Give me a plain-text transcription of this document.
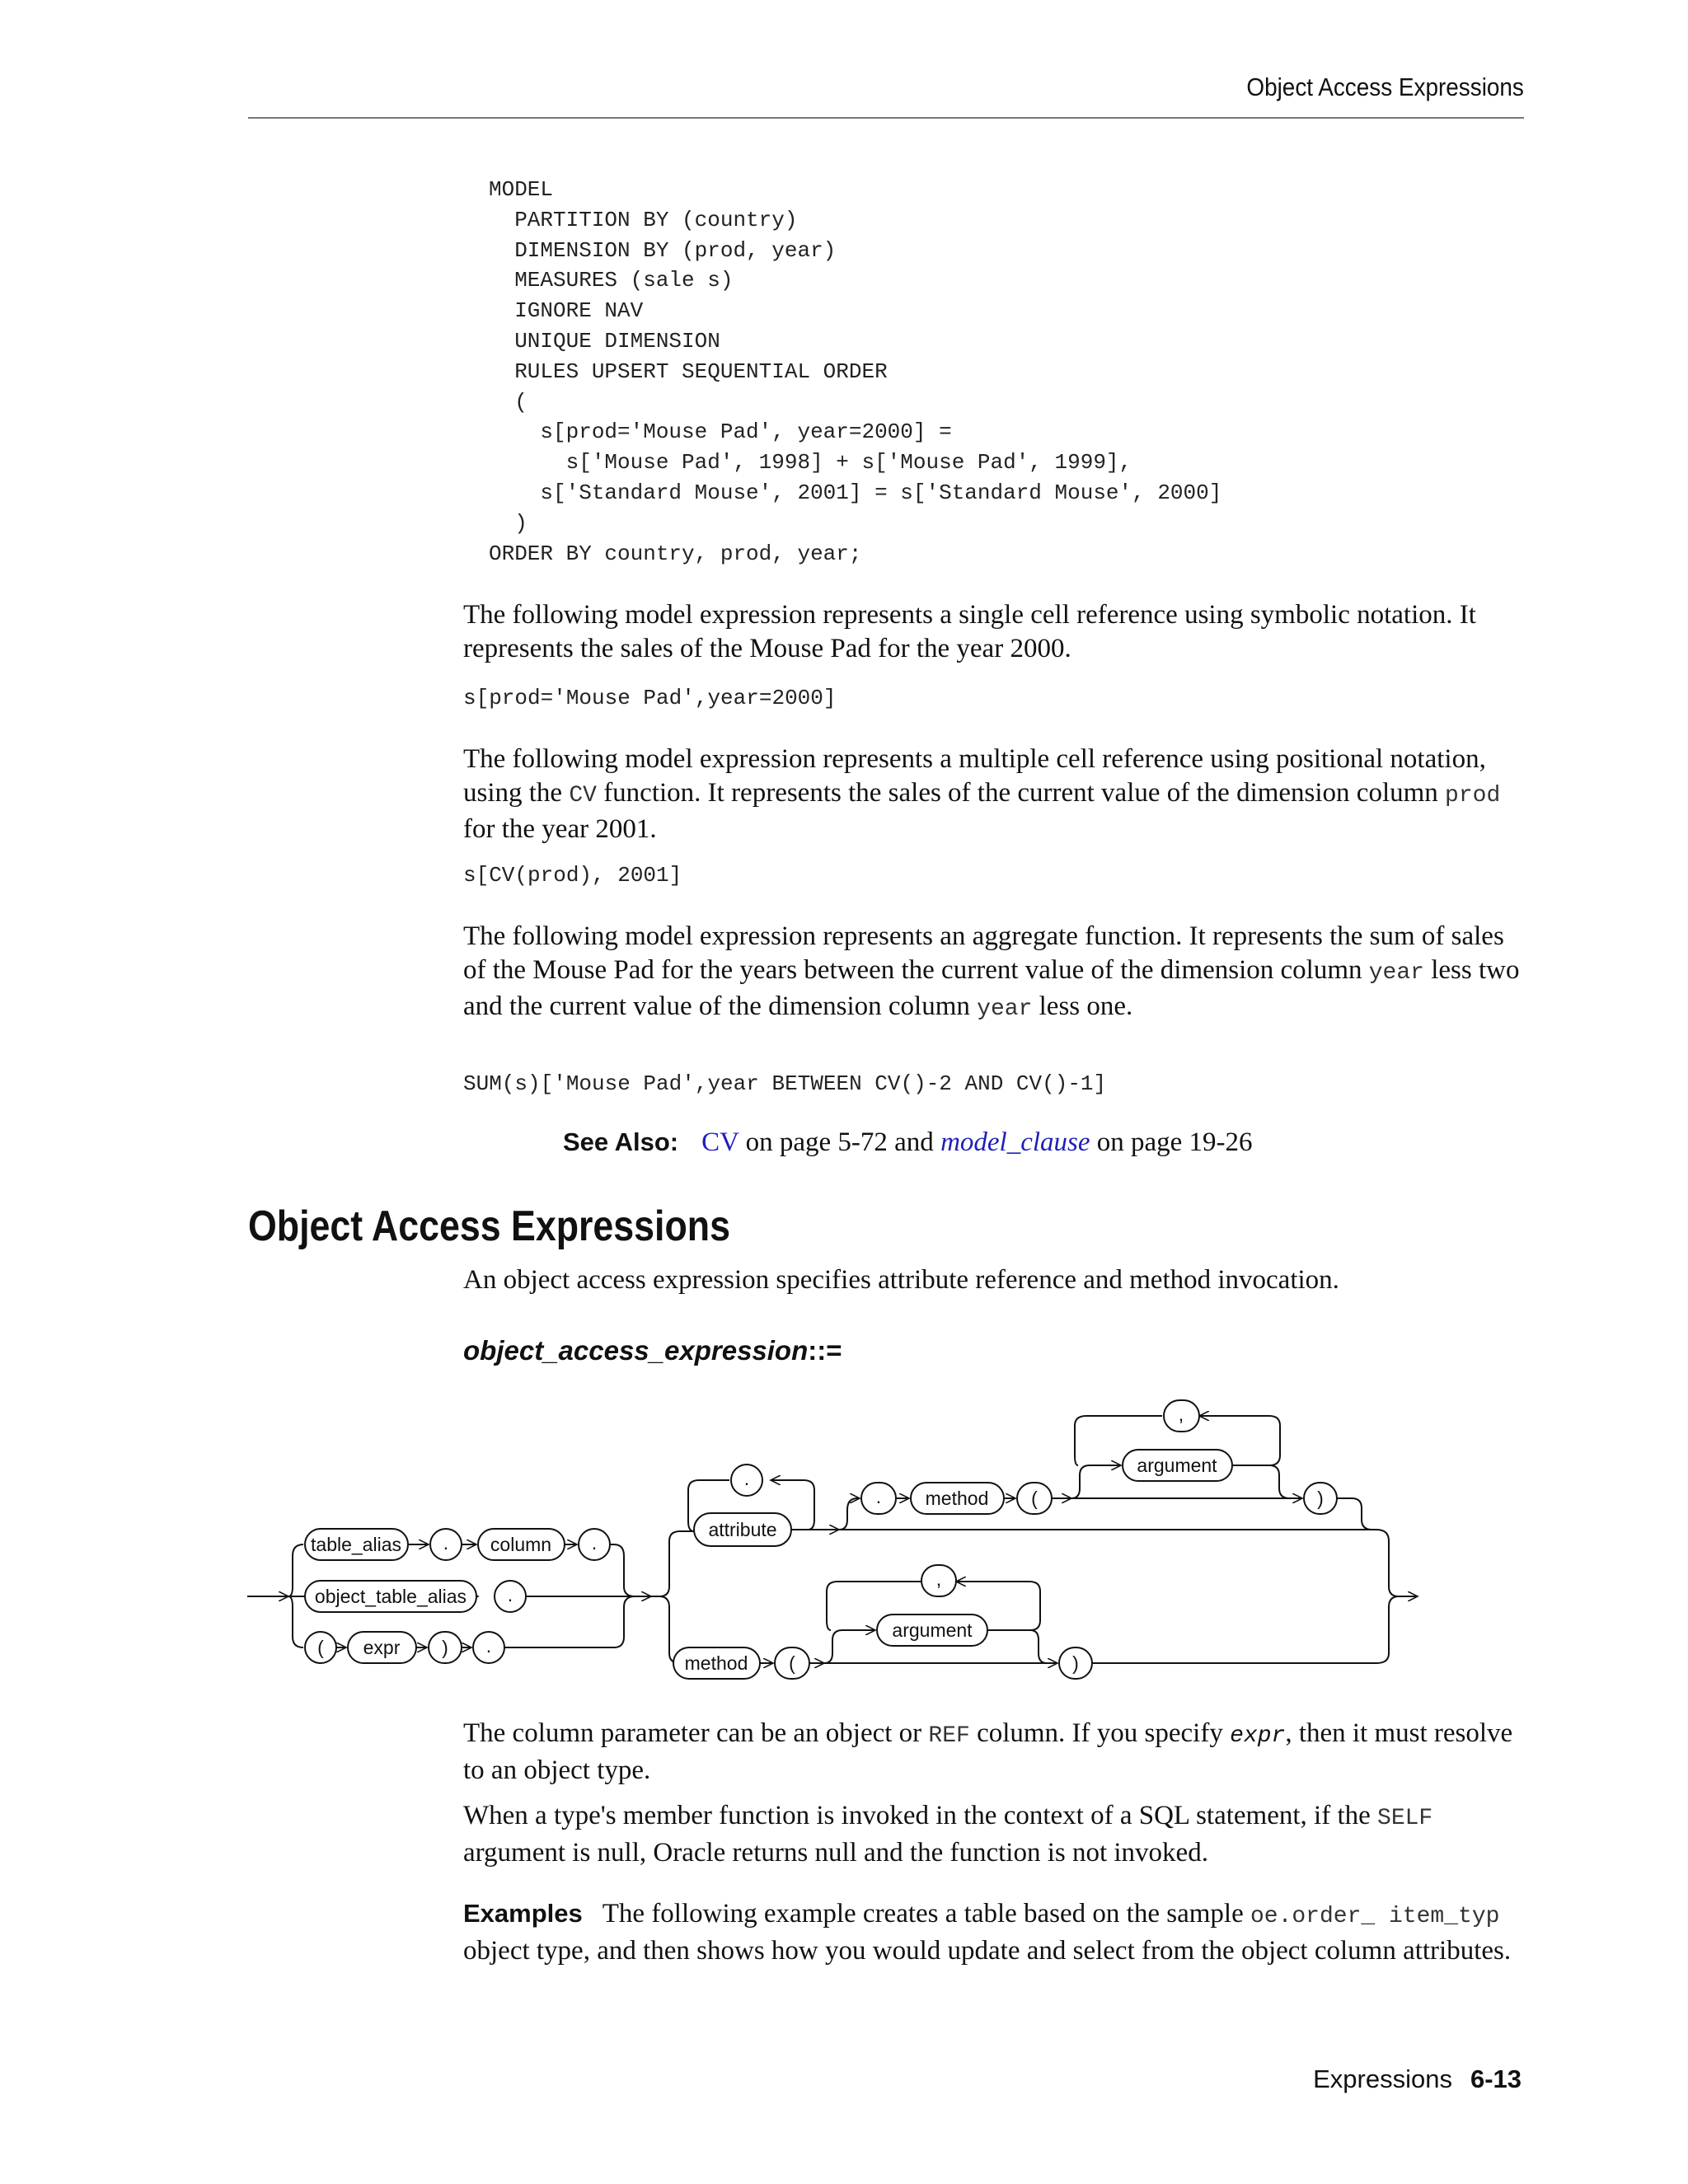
Object Access Expressions
MODEL
PARTITION BY (country)
DIMENSION BY (prod, year)
MEASURES (sale s)
IGNORE NAV
UNIQUE DIMENSION
RULES UPSERT SEQUENTIAL ORDER
(
s[prod='Mouse Pad', year=2000] =
s['Mouse Pad', 1998] + s['Mouse Pad', 1999],
s['Standard Mouse', 2001] = s['Standard Mouse', 2000]
)
ORDER BY country, prod, year;

The following model expression represents a single cell reference using symbolic notation. It represents the sales of the Mouse Pad for the year 2000.

s[prod='Mouse Pad',year=2000]

The following model expression represents a multiple cell reference using positional notation, using the CV function. It represents the sales of the current value of the dimension column prod for the year 2001.

s[CV(prod), 2001]

The following model expression represents an aggregate function. It represents the sum of sales of the Mouse Pad for the years between the current value of the dimension column year less two and the current value of the dimension column year less one.

SUM(s)['Mouse Pad',year BETWEEN CV()-2 AND CV()-1]
See Also: CV on page 5-72 and model_clause on page 19-26
Object Access Expressions

An object access expression specifies attribute reference and method invocation.

object_access_expression::=
table_alias . column .
object_table_alias .
( expr ) .
.
attribute
. method (
,
argument
)
method (
,
argument
)

The column parameter can be an object or REF column. If you specify expr, then it must resolve to an object type.

When a type's member function is invoked in the context of a SQL statement, if the SELF argument is null, Oracle returns null and the function is not invoked.

Examples The following example creates a table based on the sample oe.order_ item_typ object type, and then shows how you would update and select from the object column attributes.

Expressions 6-13
